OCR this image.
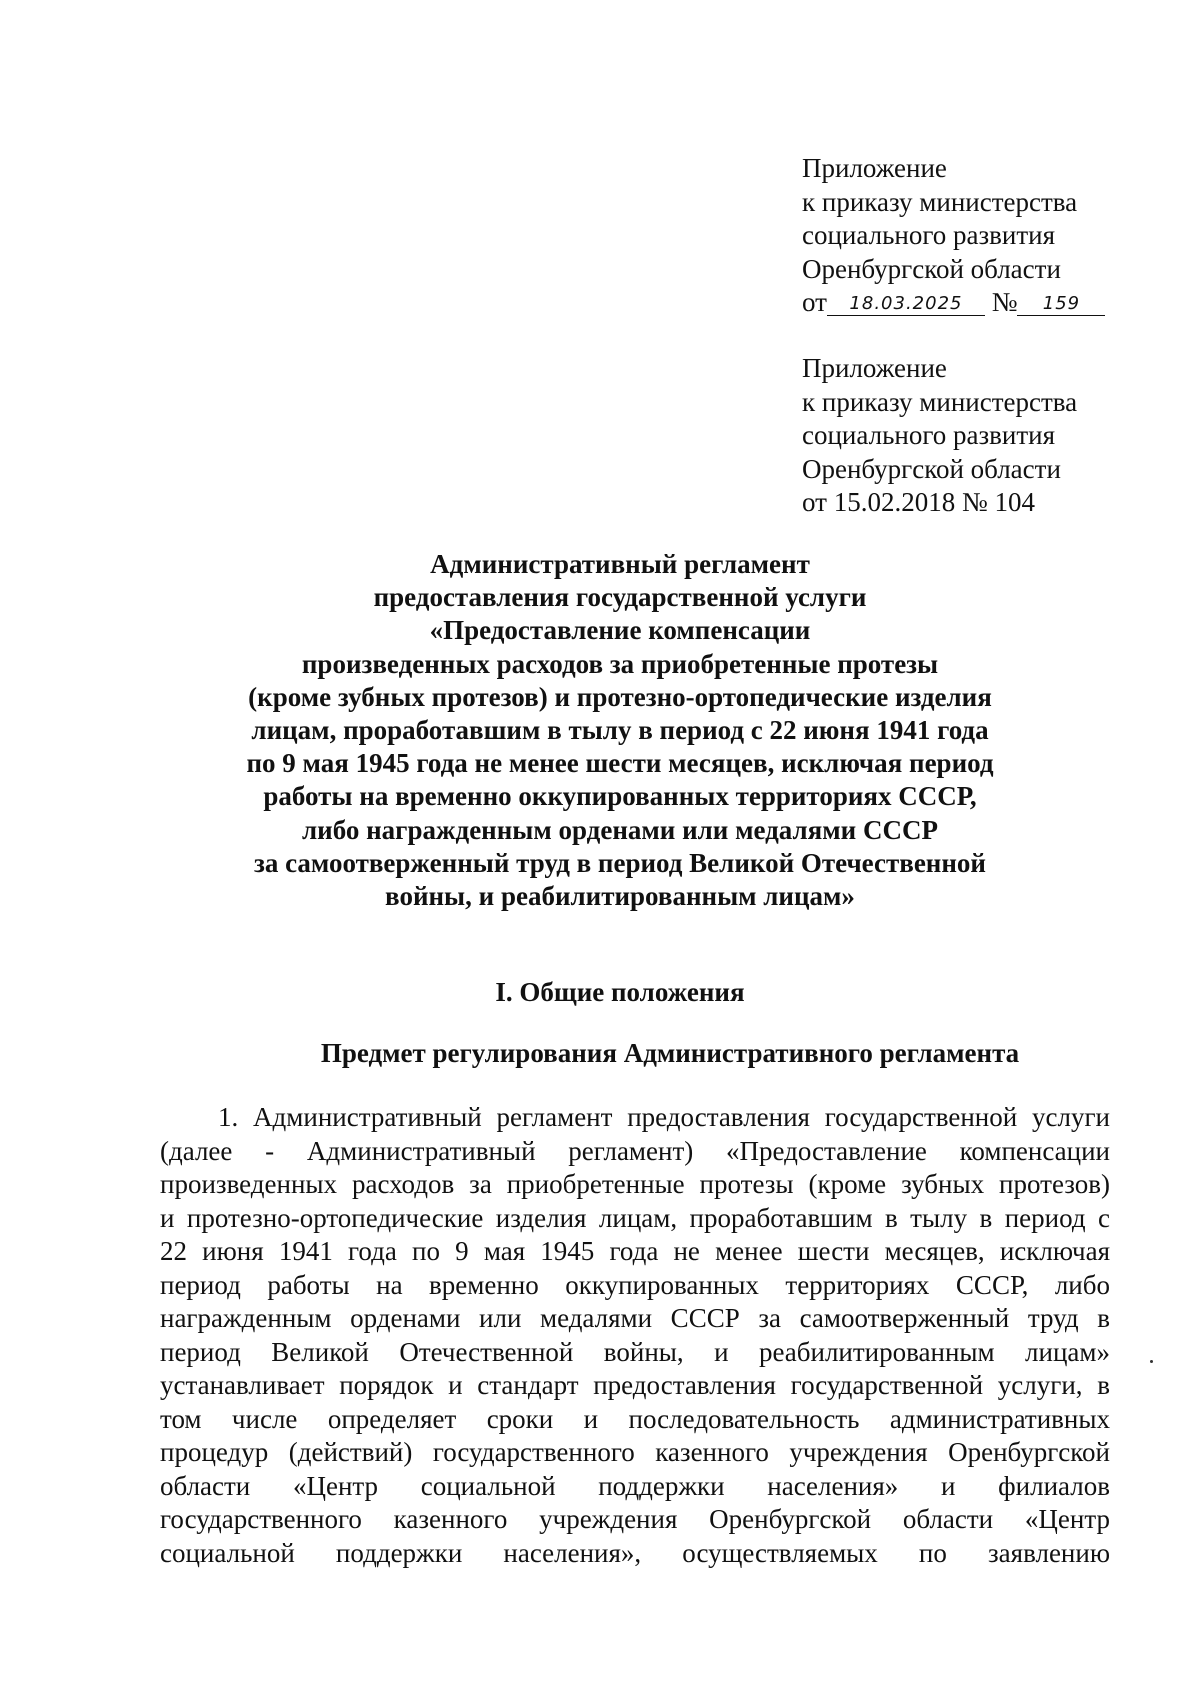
Приложение
к приказу министерства
социального развития
Оренбургской области
от 18.03.2025 № 159
Приложение
к приказу министерства
социального развития
Оренбургской области
от 15.02.2018 № 104
Административный регламент
предоставления государственной услуги
«Предоставление компенсации
произведенных расходов за приобретенные протезы
(кроме зубных протезов) и протезно-ортопедические изделия
лицам, проработавшим в тылу в период с 22 июня 1941 года
по 9 мая 1945 года не менее шести месяцев, исключая период
работы на временно оккупированных территориях СССР,
либо награжденным орденами или медалями СССР
за самоотверженный труд в период Великой Отечественной
войны, и реабилитированным лицам»
I. Общие положения
Предмет регулирования Административного регламента
1. Административный регламент предоставления государственной услуги
(далее - Административный регламент) «Предоставление компенсации
произведенных расходов за приобретенные протезы (кроме зубных протезов)
и протезно-ортопедические изделия лицам, проработавшим в тылу в период с
22 июня 1941 года по 9 мая 1945 года не менее шести месяцев, исключая
период работы на временно оккупированных территориях СССР, либо
награжденным орденами или медалями СССР за самоотверженный труд в
период Великой Отечественной войны, и реабилитированным лицам»
устанавливает порядок и стандарт предоставления государственной услуги, в
том числе определяет сроки и последовательность административных
процедур (действий) государственного казенного учреждения Оренбургской
области «Центр социальной поддержки населения» и филиалов
государственного казенного учреждения Оренбургской области «Центр
социальной поддержки населения», осуществляемых по заявлению
